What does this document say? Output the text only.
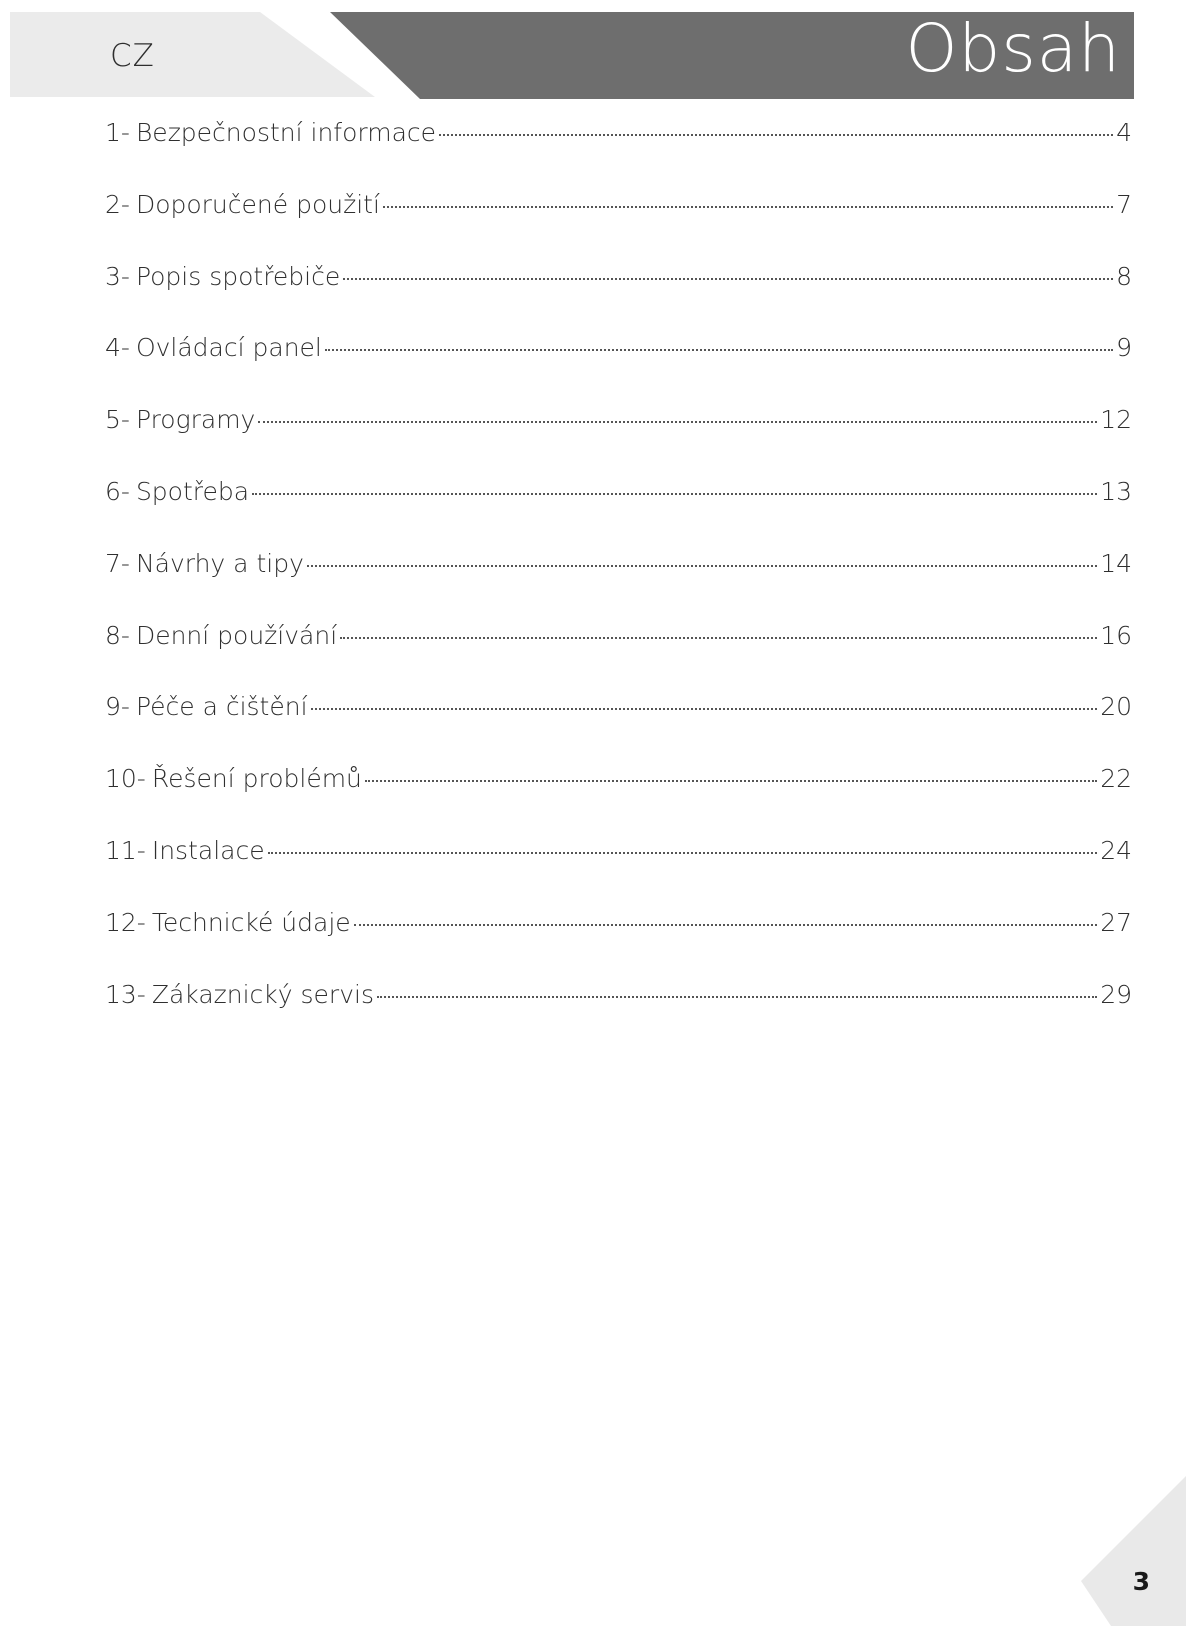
CZ	Obsah
1- Bezpečnostní informace	4
2- Doporučené použití	7
3- Popis spotřebiče	8
4- Ovládací panel	9
5- Programy	12
6- Spotřeba	13
7- Návrhy a tipy	14
8- Denní používání	16
9- Péče a čištění	20
10- Řešení problémů	22
11- Instalace	24
12- Technické údaje	27
13- Zákaznický servis	29
3
